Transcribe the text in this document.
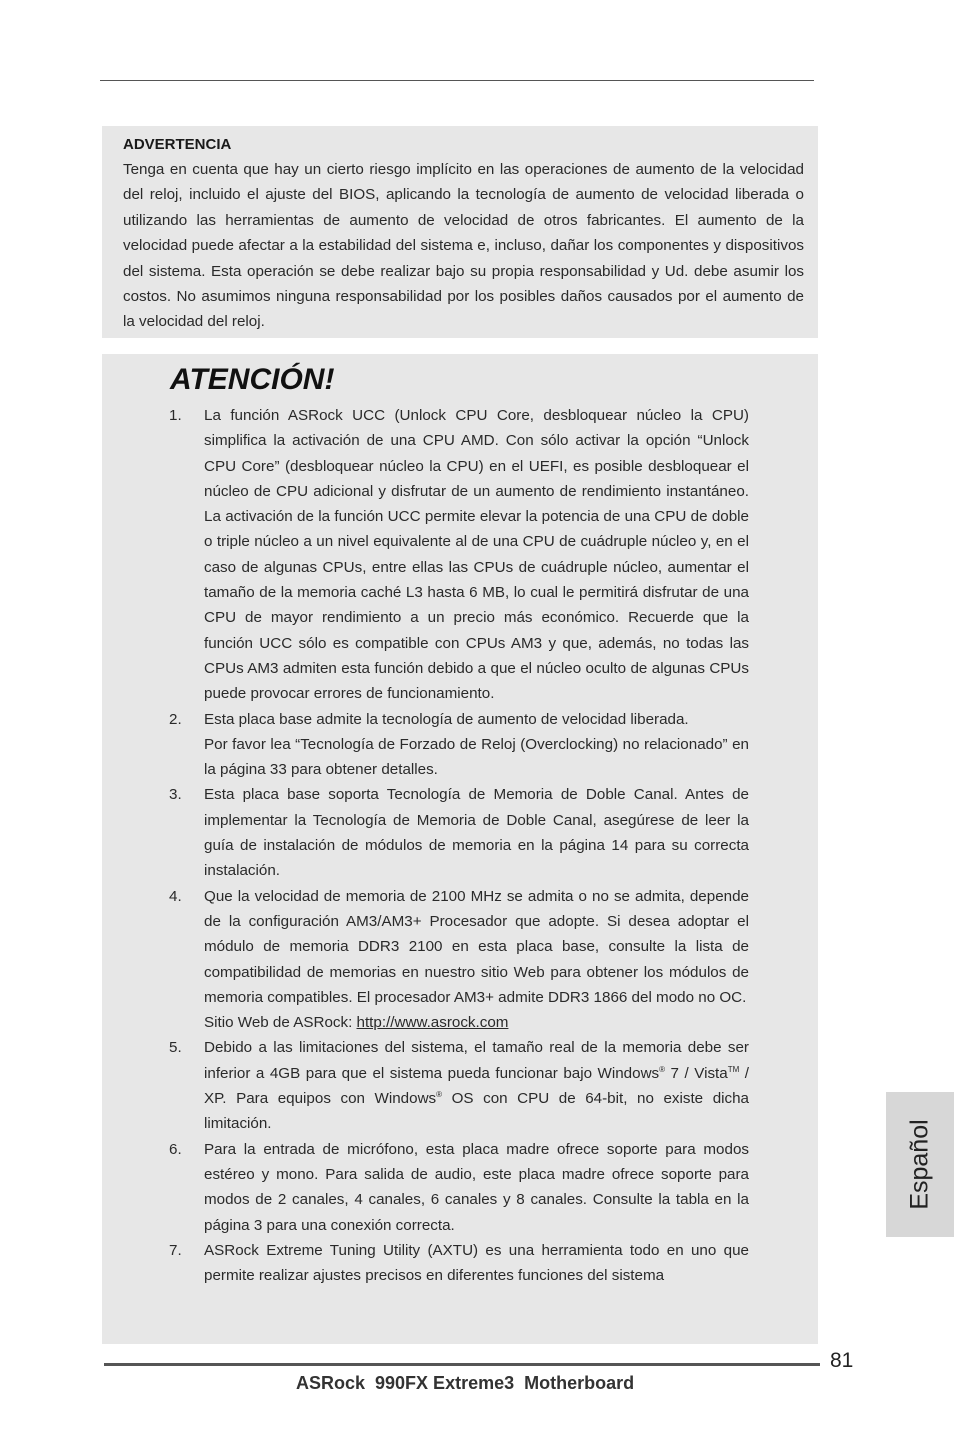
ADVERTENCIA

Tenga en cuenta que hay un cierto riesgo implícito en las operaciones de aumento de la velocidad del reloj, incluido el ajuste del BIOS, aplicando la tecnología de aumento de velocidad liberada o utilizando las herramientas de aumento de velocidad de otros fabricantes. El aumento de la velocidad puede afectar a la estabilidad del sistema e, incluso, dañar los componentes y dispositivos del sistema. Esta operación se debe realizar bajo su propia responsabilidad y Ud. debe asumir los costos. No asumimos ninguna responsabilidad por los posibles daños causados por el aumento de la velocidad del reloj.

ATENCIÓN!
1.	La función ASRock UCC (Unlock CPU Core, desbloquear núcleo la CPU) simplifica la activación de una CPU AMD. Con sólo activar la opción “Unlock CPU Core” (desbloquear núcleo la CPU) en el UEFI, es posible desbloquear el núcleo de CPU adicional y disfrutar de un aumento de rendimiento instantáneo. La activación de la función UCC permite elevar la potencia de una CPU de doble o triple núcleo a un nivel equivalente al de una CPU de cuádruple núcleo y, en el caso de algunas CPUs, entre ellas las CPUs de cuádruple núcleo, aumentar el tamaño de la memoria caché L3 hasta 6 MB, lo cual le permitirá disfrutar de una CPU de mayor rendimiento a un precio más económico. Recuerde que la función UCC sólo es compatible con CPUs AM3 y que, además, no todas las CPUs AM3 admiten esta función debido a que el núcleo oculto de algunas CPUs puede provocar errores de funcionamiento.

2.	Esta placa base admite la tecnología de aumento de velocidad liberada.

Por favor lea “Tecnología de Forzado de Reloj (Overclocking) no relacionado” en la página 33 para obtener detalles.

3.	Esta placa base soporta Tecnología de Memoria de Doble Canal. Antes de implementar la Tecnología de Memoria de Doble Canal, asegúrese de leer la guía de instalación de módulos de memoria en la página 14 para su correcta instalación.

4.	Que la velocidad de memoria de 2100 MHz se admita o no se admita, depende de la configuración AM3/AM3+ Procesador que adopte. Si desea adoptar el módulo de memoria DDR3 2100 en esta placa base, consulte la lista de compatibilidad de memorias en nuestro sitio Web para obtener los módulos de memoria compatibles. El procesador AM3+ admite DDR3 1866 del modo no OC.

Sitio Web de ASRock: http://www.asrock.com

5.	Debido a las limitaciones del sistema, el tamaño real de la memoria debe ser inferior a 4GB para que el sistema pueda funcionar bajo Windows® 7 / Vista™ / XP. Para equipos con Windows® OS con CPU de 64-bit, no existe dicha limitación.

6.	Para la entrada de micrófono, esta placa madre ofrece soporte para modos estéreo y mono. Para salida de audio, este placa madre ofrece soporte para modos de 2 canales, 4 canales, 6 canales y 8 canales. Consulte la tabla en la página 3 para una conexión correcta.

7.	ASRock Extreme Tuning Utility (AXTU) es una herramienta todo en uno que permite realizar ajustes precisos en diferentes funciones del sistema

Español

81

ASRock  990FX Extreme3  Motherboard
